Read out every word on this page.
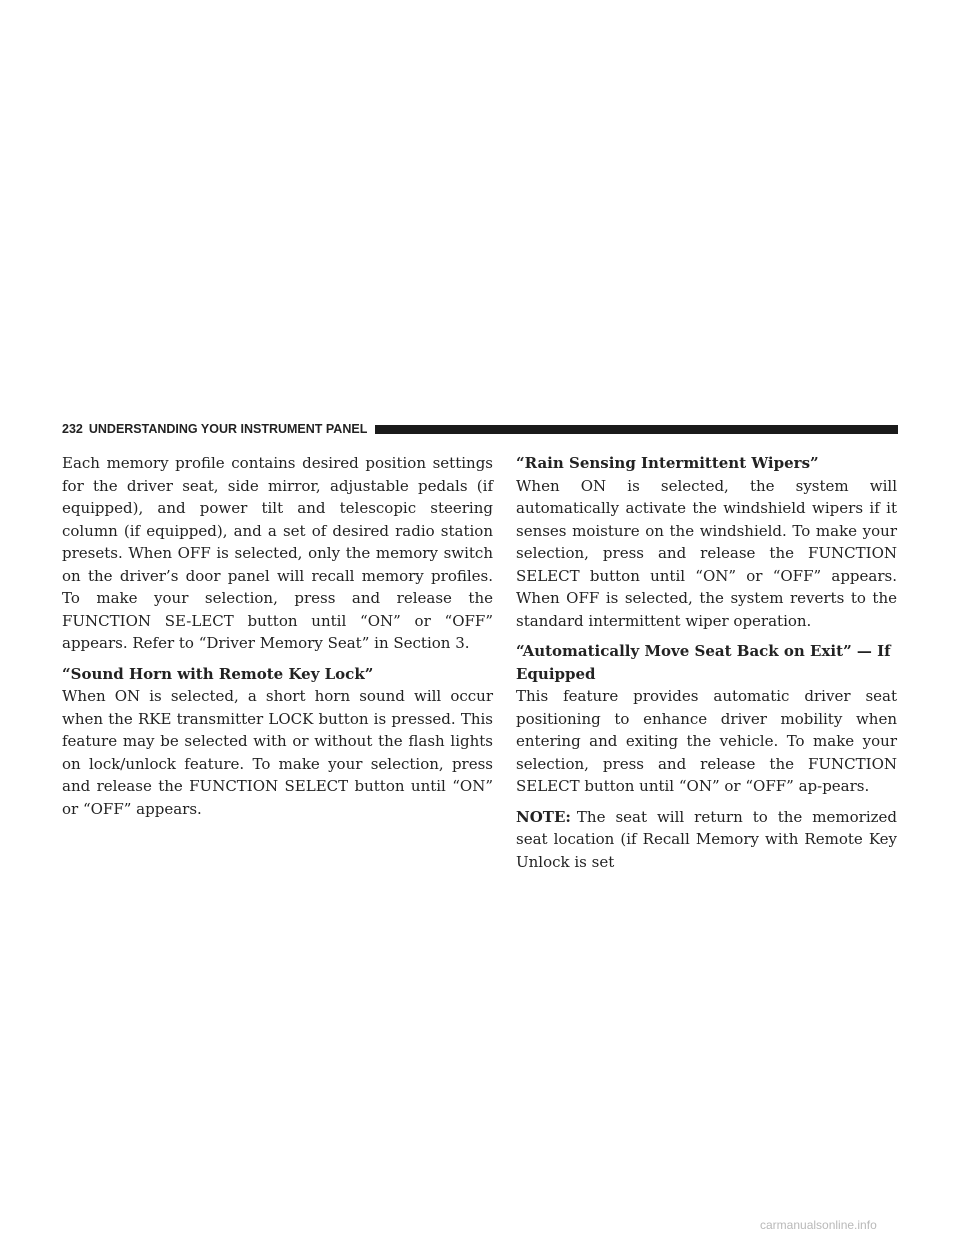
232 UNDERSTANDING YOUR INSTRUMENT PANEL

Each memory profile contains desired position settings for the driver seat, side mirror, adjustable pedals (if equipped), and power tilt and telescopic steering column (if equipped), and a set of desired radio station presets. When OFF is selected, only the memory switch on the driver’s door panel will recall memory profiles. To make your selection, press and release the FUNCTION SE-LECT button until “ON” or “OFF” appears. Refer to “Driver Memory Seat” in Section 3.

“Sound Horn with Remote Key Lock”

When ON is selected, a short horn sound will occur when the RKE transmitter LOCK button is pressed. This feature may be selected with or without the flash lights on lock/unlock feature. To make your selection, press and release the FUNCTION SELECT button until “ON” or “OFF” appears.

“Rain Sensing Intermittent Wipers”

When ON is selected, the system will automatically activate the windshield wipers if it senses moisture on the windshield. To make your selection, press and release the FUNCTION SELECT button until “ON” or “OFF” appears. When OFF is selected, the system reverts to the standard intermittent wiper operation.

“Automatically Move Seat Back on Exit” — If Equipped

This feature provides automatic driver seat positioning to enhance driver mobility when entering and exiting the vehicle. To make your selection, press and release the FUNCTION SELECT button until “ON” or “OFF” ap-pears.

NOTE: The seat will return to the memorized seat location (if Recall Memory with Remote Key Unlock is set

carmanualsonline.info
